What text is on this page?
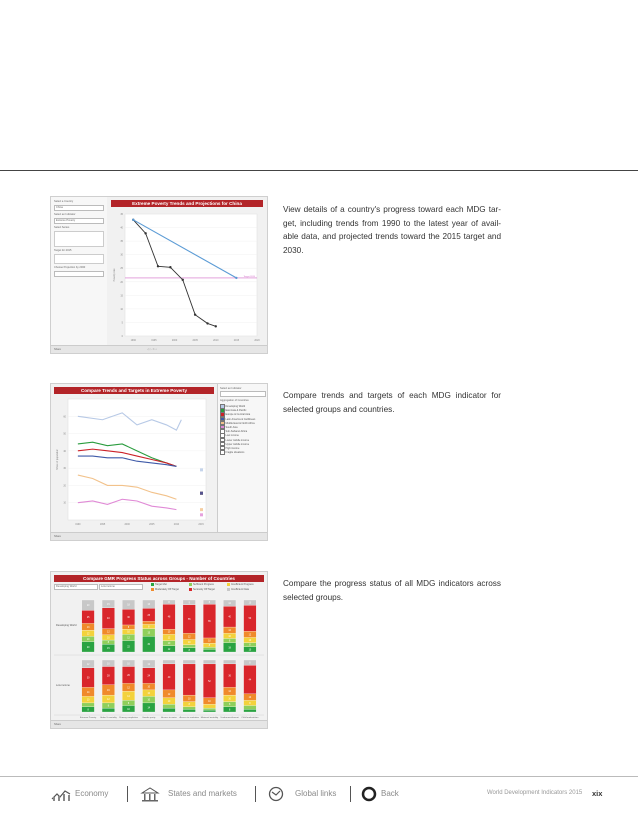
Select a Country
China
Select an Indicator
Extreme Poverty
Select Series
Target for 2015
Choose Projection by 2030
Extreme Poverty Trends and Projections for China
0
5
10
15
20
25
30
35
40
45
1990	1995	2000	2005	2010	2015	2020
Target 2015
Poverty rate
Share	◁ ▷ ⟲ ⌂
View details of a country's progress toward each MDG tar-get, including trends from 1990 to the latest year of avail-able data, and projected trends toward the 2015 target and 2030.
Compare Trends and Targets in Extreme Poverty
10
20
30
40
50
60
1990	1995	2000	2005	2010	2015
Share of population
Select an Indicator
Aggregation of Countries
Developing World
East Asia & Pacific
Europe & Central Asia
Latin America & Caribbean
Middle East & North Africa
South Asia
Sub-Saharan Africa
Low income
Lower middle income
Upper middle income
High income
Fragile situations
Share
Compare trends and targets of each MDG indicator for selected groups and countries.
Compare GMR Progress Status across Groups - Number of Countries
Developing World	Low income
Target Met	Sufficient Progress	Insufficient Progress
Moderately Off Target	Seriously Off Target	Insufficient Data
Developing World
20
10
12
13
25
20
15
8
10
12
40
15
22
12
10
8
30
18
30
15
8
25
16
12
10
12
10
48
8
8
10
12
55
9
8
10
65
8
18
8
10
12
40
12
10
8
10
12
50
10
Low income
8
10
14
30
12
8
12
16
28
10
10
8
14
12
26
10
14
10
10
10
24
12
10
12
40
8
10
48
10
52
8
8
10
12
36
8
10
44
8
Extreme Poverty	Under-5 mortality	Primary completion	Gender parity	Access to water Access to sanitation Maternal mortality	Undernourishment Child malnutrition
Share
Compare the progress status of all MDG indicators across selected groups.
Economy	States and markets	Global links	Back	World Development Indicators 2015 xix
